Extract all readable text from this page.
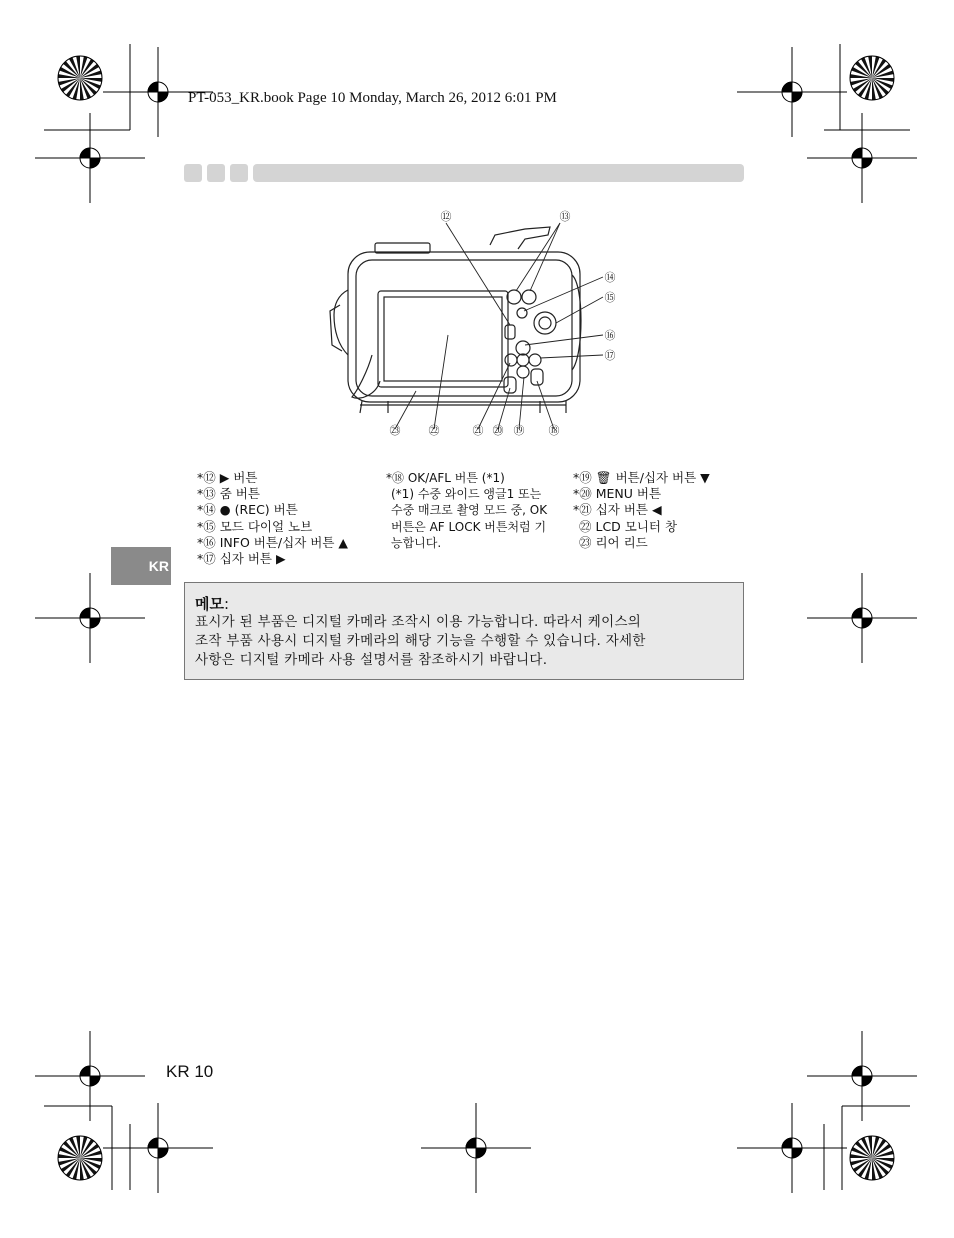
PT-053_KR.book Page 10 Monday, March 26, 2012 6:01 PM
⑫	⑬
⑭
⑮
⑯
⑰
㉓	㉒	㉑ ⑳ ⑲ ⑱
KR
*⑫ ▶ 버튼
*⑬ 줌 버튼
*⑭ ● (REC) 버튼
*⑮ 모드 다이얼 노브
*⑯ INFO 버튼/십자 버튼 ▲
*⑰ 십자 버튼 ▶
*⑱ OK/AFL 버튼 (*1)
(*1) 수중 와이드 앵글1 또는
수중 매크로 촬영 모드 중, OK
버튼은 AF LOCK 버튼처럼 기
능합니다.
*⑲ 🗑 버튼/십자 버튼 ▼
*⑳ MENU 버튼
*㉑ 십자 버튼 ◀
㉒ LCD 모니터 창
㉓ 리어 리드
메모:
표시가 된 부품은 디지털 카메라 조작시 이용 가능합니다. 따라서 케이스의
조작 부품 사용시 디지털 카메라의 해당 기능을 수행할 수 있습니다. 자세한
사항은 디지털 카메라 사용 설명서를 참조하시기 바랍니다.
KR 10
